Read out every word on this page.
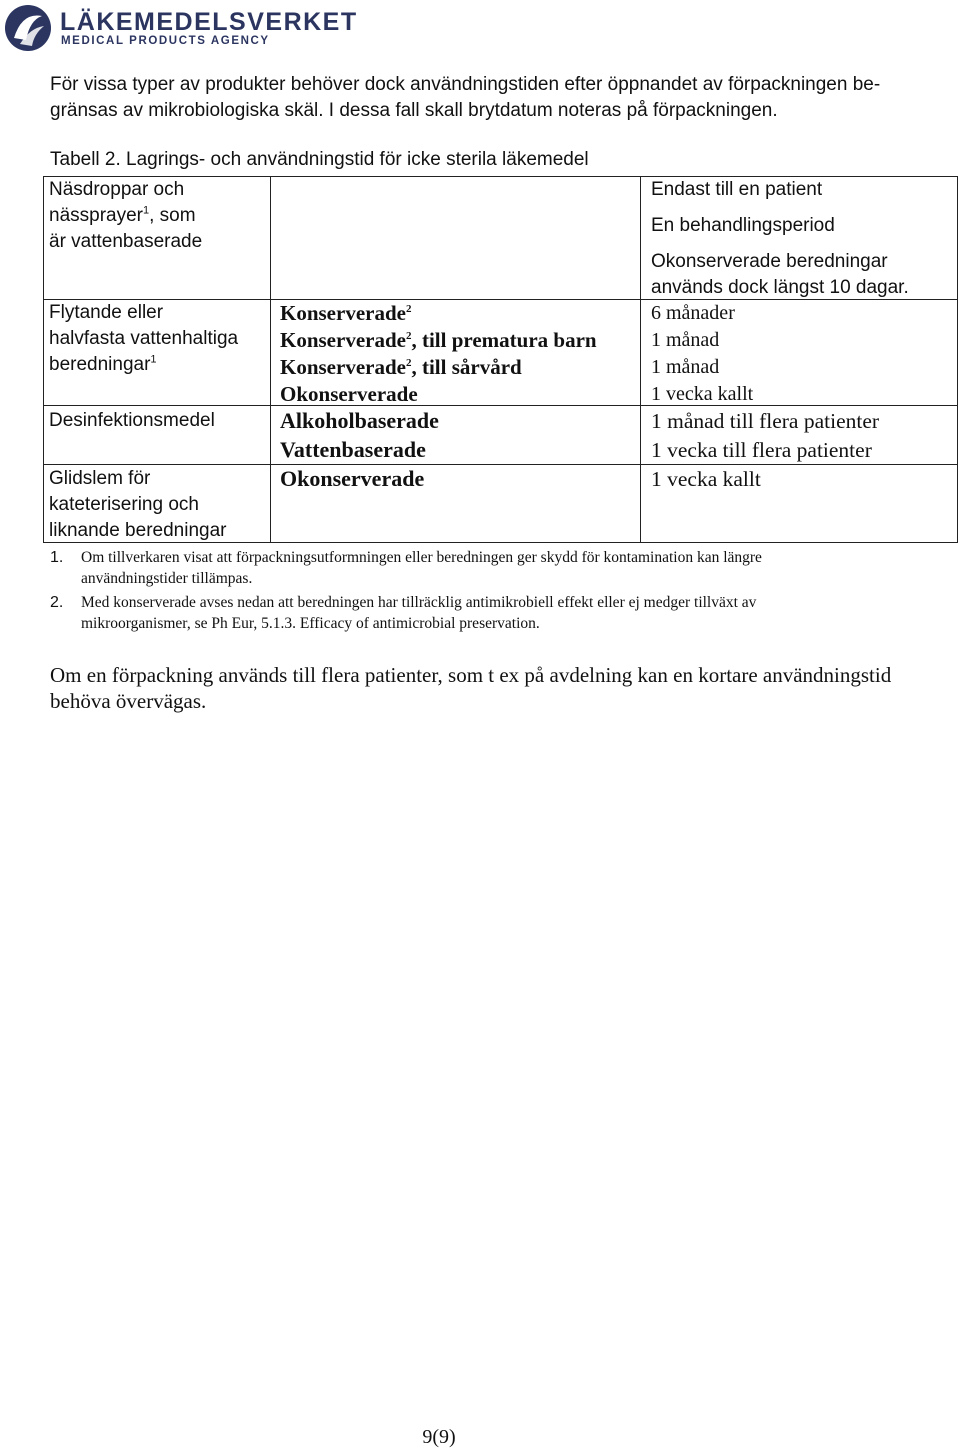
LÄKEMEDELSVERKET
MEDICAL PRODUCTS AGENCY
För vissa typer av produkter behöver dock användningstiden efter öppnandet av förpackningen be-
gränsas av mikrobiologiska skäl. I dessa fall skall brytdatum noteras på förpackningen.
Tabell 2. Lagrings- och användningstid för icke sterila läkemedel
Näsdroppar och
nässprayer$^1$, som
är vattenbaserade
Endast till en patient
En behandlingsperiod
Okonserverade beredningar
används dock längst 10 dagar.
Flytande eller
halvfasta vattenhaltiga
beredningar$^1$
Konserverade$^2$
Konserverade$^2$, till prematura barn
Konserverade$^2$, till sårvård
Okonserverade
6 månader
1 månad
1 månad
1 vecka kallt
Desinfektionsmedel	Alkoholbaserade
Vattenbaserade
1 månad till flera patienter
1 vecka till flera patienter
Glidslem för
kateterisering och
liknande beredningar
Okonserverade	1 vecka kallt
1. Om tillverkaren visat att förpackningsutformningen eller beredningen ger skydd för kontamination kan längre
användningstider tillämpas.
2. Med konserverade avses nedan att beredningen har tillräcklig antimikrobiell effekt eller ej medger tillväxt av
mikroorganismer, se Ph Eur, 5.1.3. Efficacy of antimicrobial preservation.
Om en förpackning används till flera patienter, som t ex på avdelning kan en kortare användningstid
behöva övervägas.
9(9)
